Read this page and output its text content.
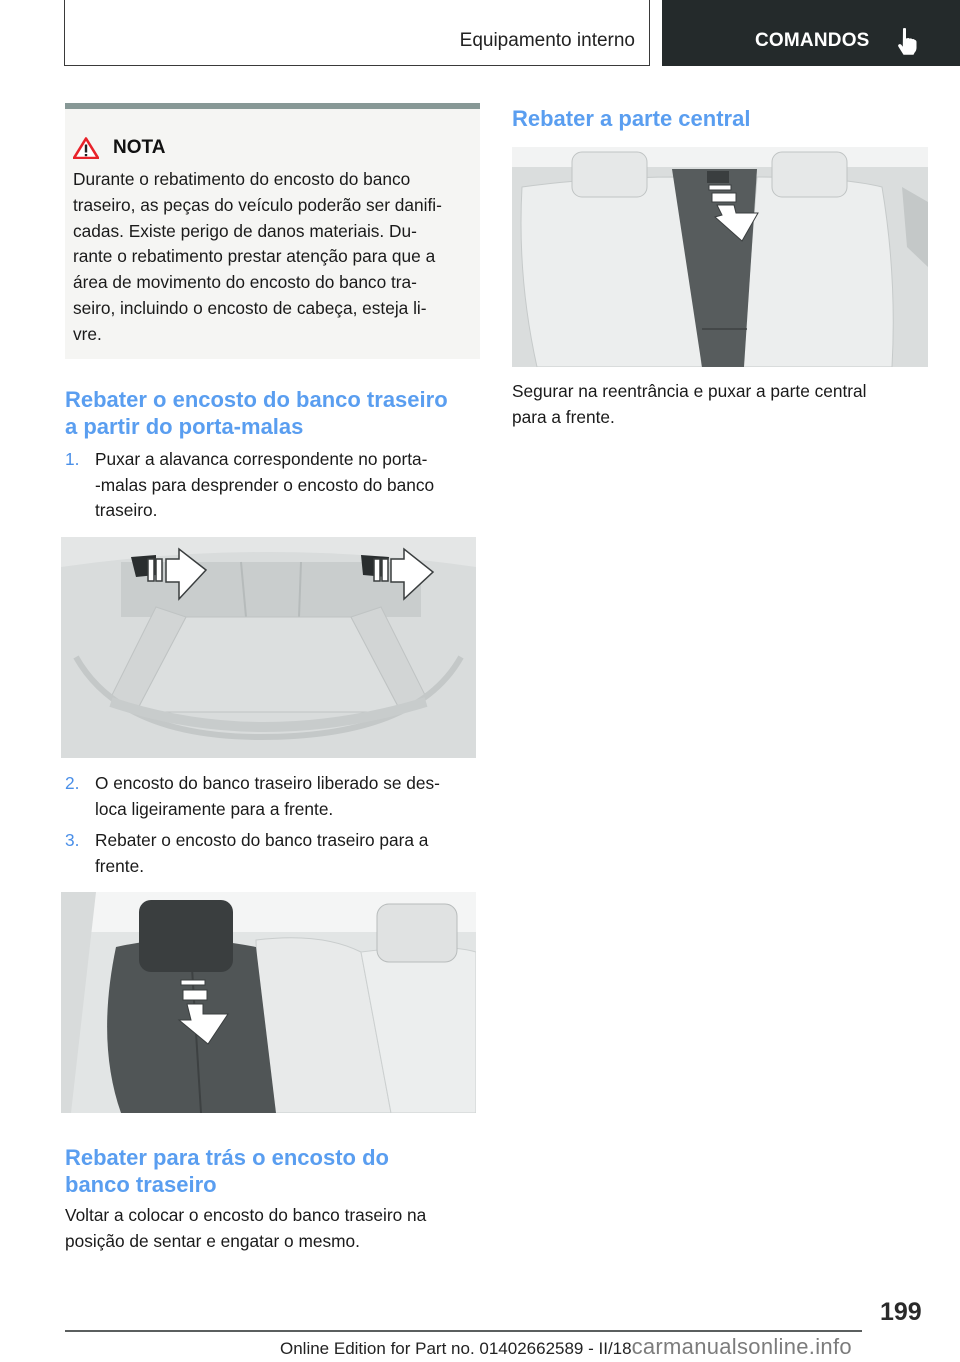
Equipamento interno	COMANDOS
NOTA
Durante o rebatimento do encosto do banco
traseiro, as peças do veículo poderão ser danifi-
cadas. Existe perigo de danos materiais. Du-
rante o rebatimento prestar atenção para que a
área de movimento do encosto do banco tra-
seiro, incluindo o encosto de cabeça, esteja li-
vre.
Rebater o encosto do banco traseiro
a partir do porta-malas
1. Puxar a alavanca correspondente no porta-
-malas para desprender o encosto do banco
traseiro.
2. O encosto do banco traseiro liberado se des-
loca ligeiramente para a frente.
3. Rebater o encosto do banco traseiro para a
frente.
Rebater para trás o encosto do
banco traseiro
Voltar a colocar o encosto do banco traseiro na
posição de sentar e engatar o mesmo.
Rebater a parte central
Segurar na reentrância e puxar a parte central
para a frente.
199
Online Edition for Part no. 01402662589 - II/18carmanualsonline.info
